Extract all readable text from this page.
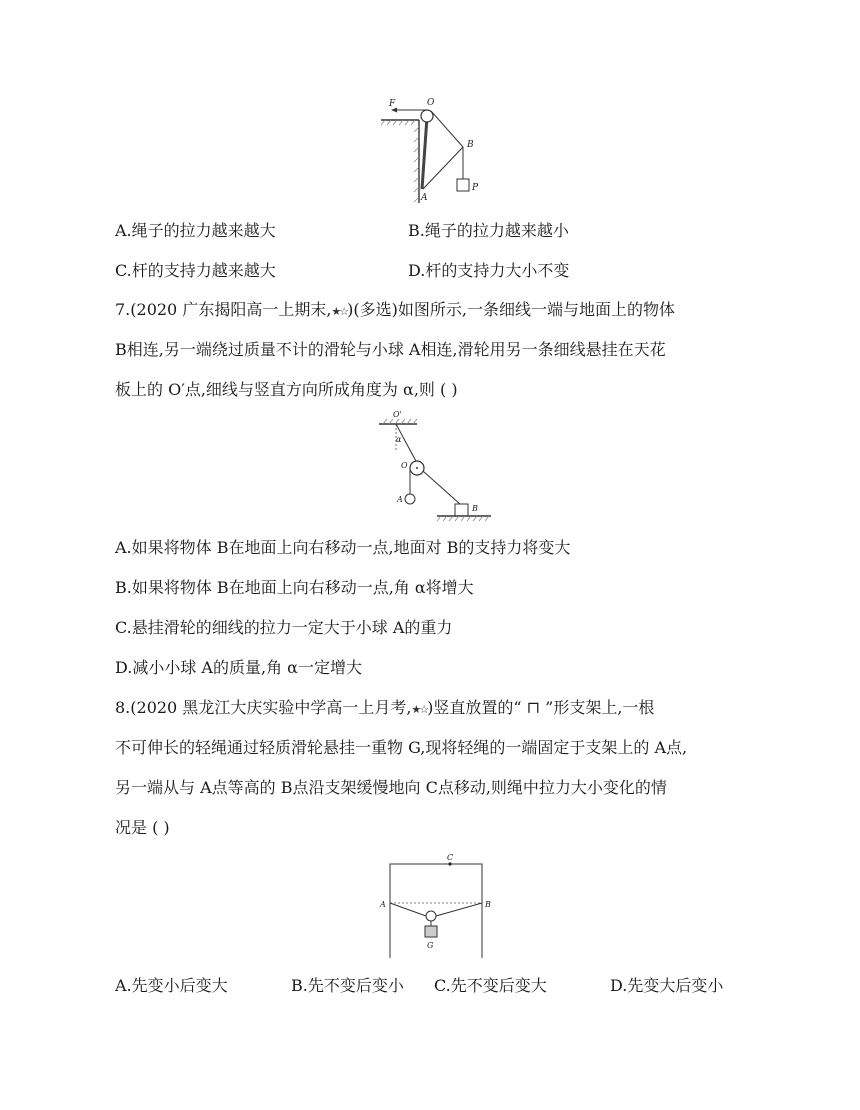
F	O
B
A
P
A.绳子的拉力越来越大	B.绳子的拉力越来越小
C.杆的支持力越来越大	D.杆的支持力大小不变
7.(2020 广东揭阳高一上期末,★☆)(多选)如图所示,一条细线一端与地面上的物体
B相连,另一端绕过质量不计的滑轮与小球 A相连,滑轮用另一条细线悬挂在天花
板上的 O′点,细线与竖直方向所成角度为 α,则 ( )
O'
α
O
A
B
A.如果将物体 B在地面上向右移动一点,地面对 B的支持力将变大
B.如果将物体 B在地面上向右移动一点,角 α将增大
C.悬挂滑轮的细线的拉力一定大于小球 A的重力
D.减小小球 A的质量,角 α一定增大
8.(2020 黑龙江大庆实验中学高一上月考,★☆)竖直放置的“ ⊓ ”形支架上,一根
不可伸长的轻绳通过轻质滑轮悬挂一重物 G,现将轻绳的一端固定于支架上的 A点,
另一端从与 A点等高的 B点沿支架缓慢地向 C点移动,则绳中拉力大小变化的情
况是 ( )
C
A	B
G
A.先变小后变大	B.先不变后变小 C.先不变后变大	D.先变大后变小
